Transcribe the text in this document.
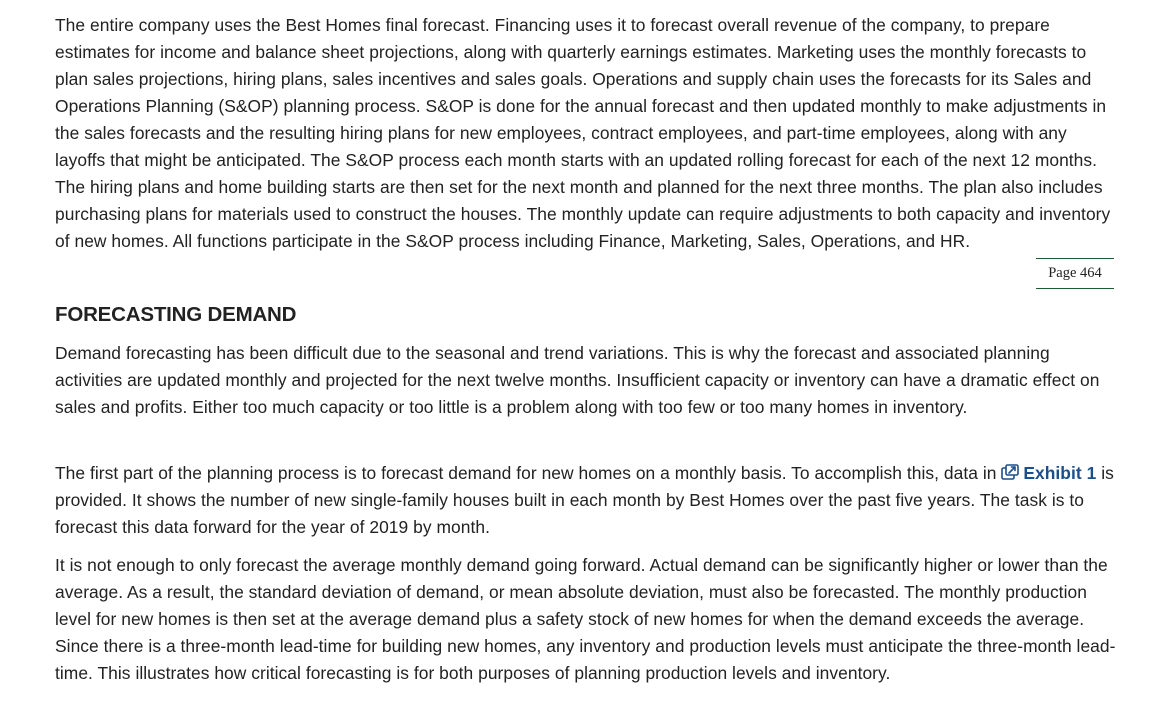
The entire company uses the Best Homes final forecast. Financing uses it to forecast overall revenue of the company, to prepare estimates for income and balance sheet projections, along with quarterly earnings estimates. Marketing uses the monthly forecasts to plan sales projections, hiring plans, sales incentives and sales goals. Operations and supply chain uses the forecasts for its Sales and Operations Planning (S&OP) planning process. S&OP is done for the annual forecast and then updated monthly to make adjustments in the sales forecasts and the resulting hiring plans for new employees, contract employees, and part-time employees, along with any layoffs that might be anticipated. The S&OP process each month starts with an updated rolling forecast for each of the next 12 months. The hiring plans and home building starts are then set for the next month and planned for the next three months. The plan also includes purchasing plans for materials used to construct the houses. The monthly update can require adjustments to both capacity and inventory of new homes. All functions participate in the S&OP process including Finance, Marketing, Sales, Operations, and HR.

Page 464
FORECASTING DEMAND

Demand forecasting has been difficult due to the seasonal and trend variations. This is why the forecast and associated planning activities are updated monthly and projected for the next twelve months. Insufficient capacity or inventory can have a dramatic effect on sales and profits. Either too much capacity or too little is a problem along with too few or too many homes in inventory.

The first part of the planning process is to forecast demand for new homes on a monthly basis. To accomplish this, data in Exhibit 1 is provided. It shows the number of new single-family houses built in each month by Best Homes over the past five years. The task is to forecast this data forward for the year of 2019 by month.

It is not enough to only forecast the average monthly demand going forward. Actual demand can be significantly higher or lower than the average. As a result, the standard deviation of demand, or mean absolute deviation, must also be forecasted. The monthly production level for new homes is then set at the average demand plus a safety stock of new homes for when the demand exceeds the average. Since there is a three-month lead-time for building new homes, any inventory and production levels must anticipate the three-month lead-time. This illustrates how critical forecasting is for both purposes of planning production levels and inventory.
